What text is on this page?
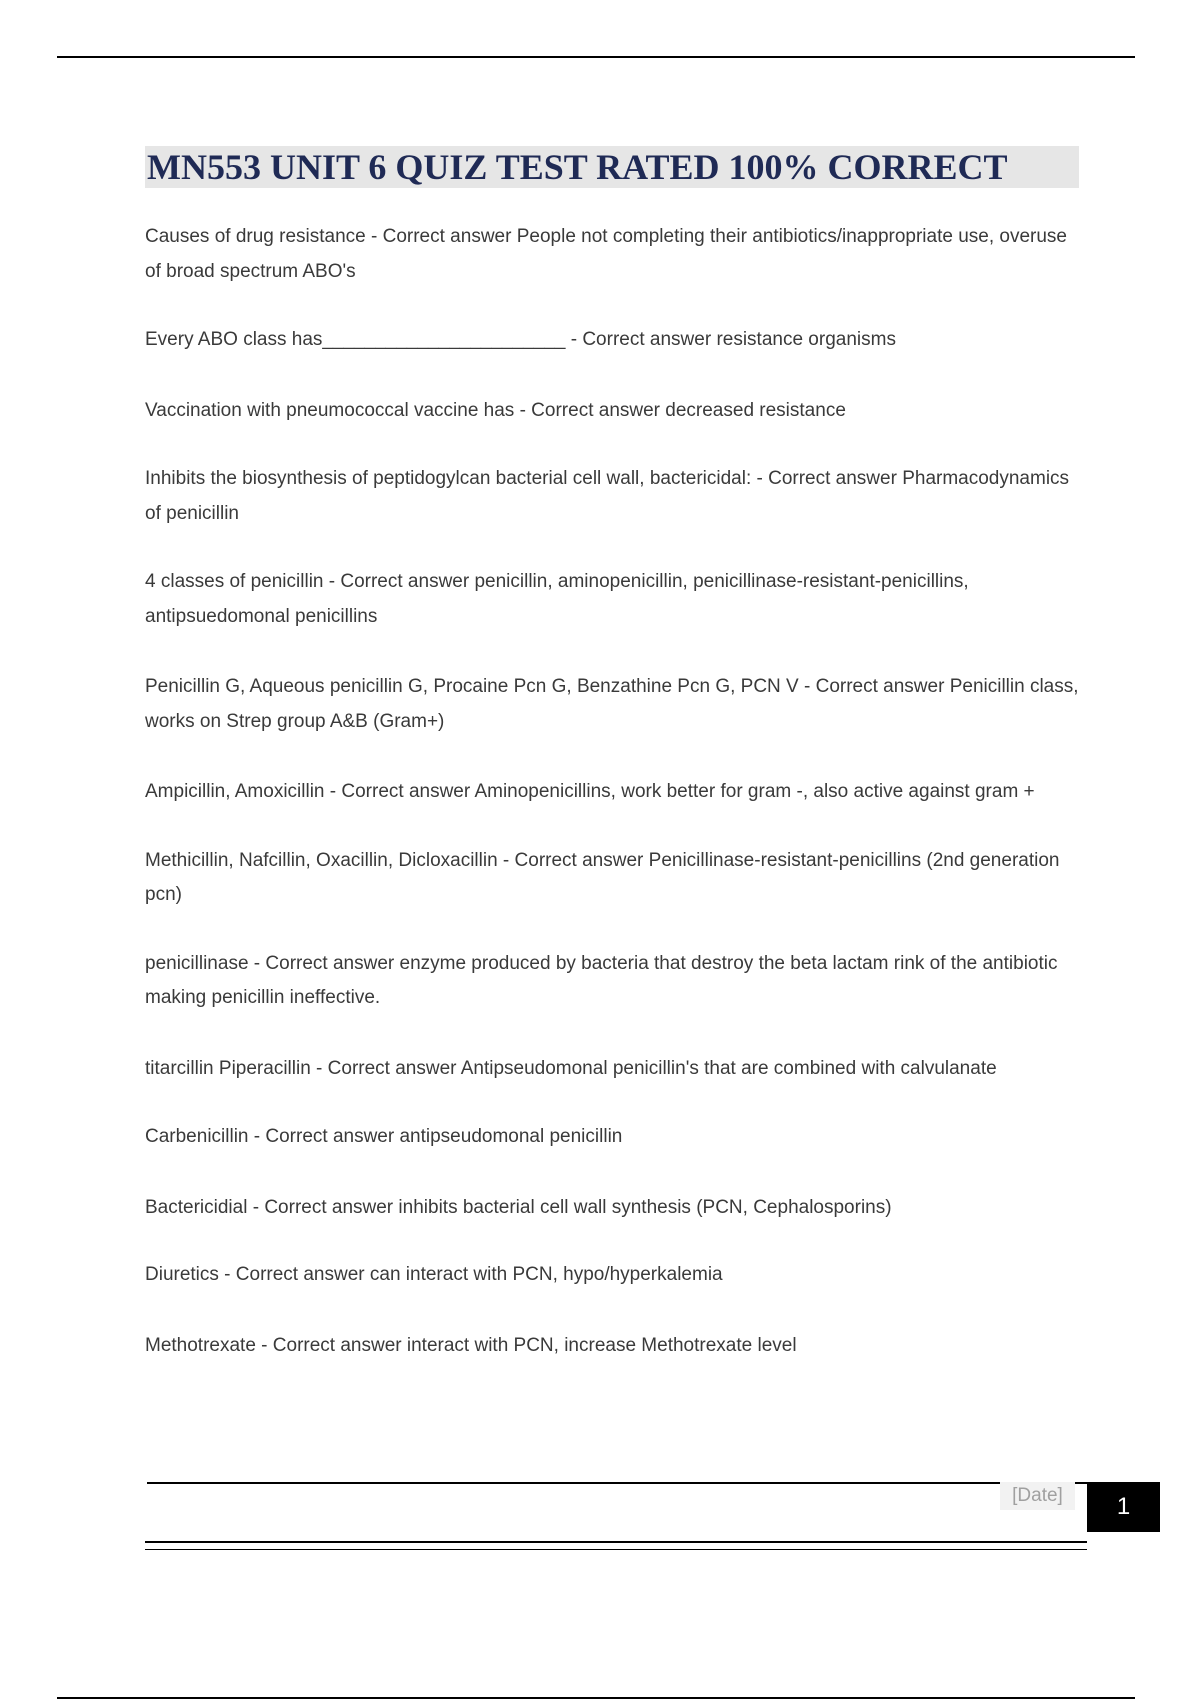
MN553 UNIT 6 QUIZ TEST RATED 100% CORRECT

Causes of drug resistance - Correct answer People not completing their antibiotics/inappropriate use, overuse of broad spectrum ABO's

Every ABO class has_______________________ - Correct answer resistance organisms

Vaccination with pneumococcal vaccine has - Correct answer decreased resistance

Inhibits the biosynthesis of peptidogylcan bacterial cell wall, bactericidal: - Correct answer Pharmacodynamics of penicillin

4 classes of penicillin - Correct answer penicillin, aminopenicillin, penicillinase-resistant-penicillins, antipsuedomonal penicillins

Penicillin G, Aqueous penicillin G, Procaine Pcn G, Benzathine Pcn G, PCN V - Correct answer Penicillin class, works on Strep group A&B (Gram+)

Ampicillin, Amoxicillin - Correct answer Aminopenicillins, work better for gram -, also active against gram +

Methicillin, Nafcillin, Oxacillin, Dicloxacillin - Correct answer Penicillinase-resistant-penicillins (2nd generation pcn)

penicillinase - Correct answer enzyme produced by bacteria that destroy the beta lactam rink of the antibiotic making penicillin ineffective.

titarcillin Piperacillin - Correct answer Antipseudomonal penicillin's that are combined with calvulanate

Carbenicillin - Correct answer antipseudomonal penicillin

Bactericidial - Correct answer inhibits bacterial cell wall synthesis (PCN, Cephalosporins)

Diuretics - Correct answer can interact with PCN, hypo/hyperkalemia

Methotrexate - Correct answer interact with PCN, increase Methotrexate level

[Date]	1
